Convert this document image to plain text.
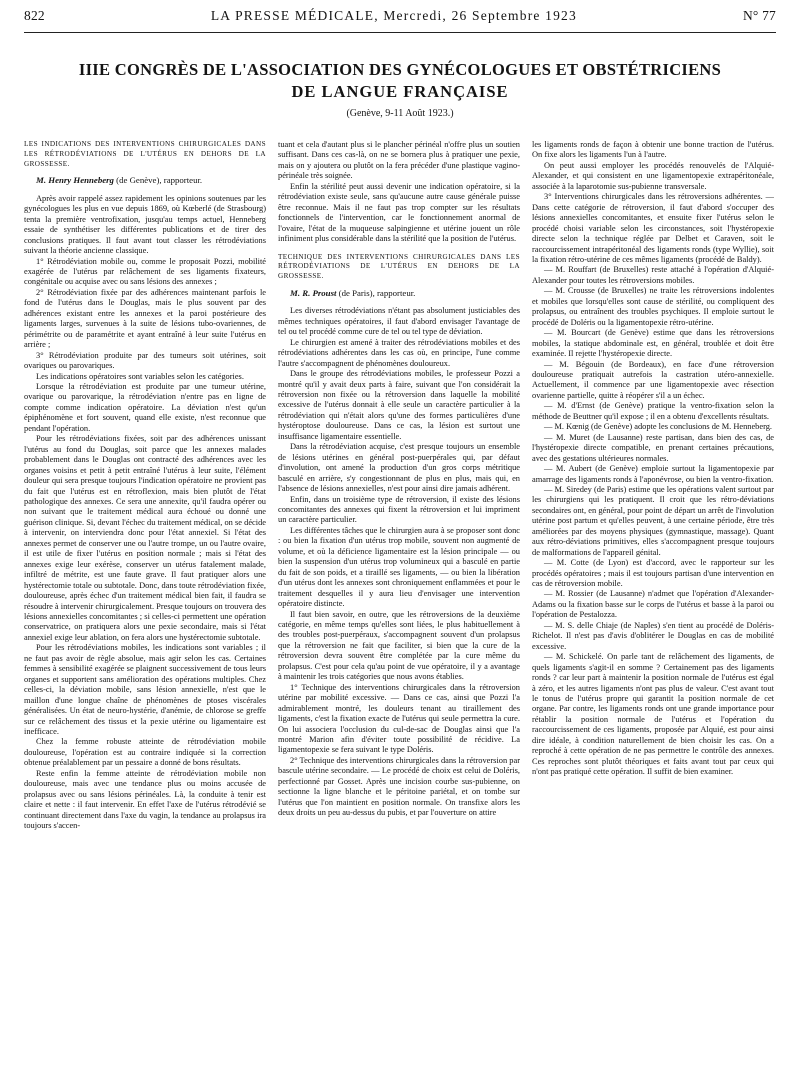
822	LA PRESSE MÉDICALE, Mercredi, 26 Septembre 1923	N° 77
IIIE CONGRÈS DE L'ASSOCIATION DES GYNÉCOLOGUES ET OBSTÉTRICIENS
DE LANGUE FRANÇAISE
(Genève, 9-11 Août 1923.)

LES INDICATIONS DES INTERVENTIONS CHIRURGICALES DANS LES RÉTRODÉVIATIONS DE L'UTÉRUS EN DEHORS DE LA GROSSESSE.

M. Henry Henneberg (de Genève), rapporteur.

Après avoir rappelé assez rapidement les opinions soutenues par les gynécologues les plus en vue depuis 1869, où Kœberlé (de Strasbourg) tenta la première ventrofixation, jusqu'au temps actuel, Henneberg essaie de synthétiser les différentes publications et de tirer des conclusions pratiques. Il faut avant tout classer les rétrodéviations suivant la théorie ancienne classique.

1° Rétrodéviation mobile ou, comme le proposait Pozzi, mobilité exagérée de l'utérus par relâchement de ses ligaments fixateurs, congénitale ou acquise avec ou sans lésions des annexes ;

2° Rétrodéviation fixée par des adhérences maintenant parfois le fond de l'utérus dans le Douglas, mais le plus souvent par des adhérences existant entre les annexes et la paroi postérieure des ligaments larges, survenues à la suite de lésions tubo-ovariennes, de périmétrite ou de paramétrite et ayant entraîné à leur suite l'utérus en arrière ;

3° Rétrodéviation produite par des tumeurs soit utérines, soit ovariques ou parovariques.

Les indications opératoires sont variables selon les catégories.

Lorsque la rétrodéviation est produite par une tumeur utérine, ovarique ou parovarique, la rétrodéviation n'entre pas en ligne de compte comme indication opératoire. La déviation n'est qu'un épiphénomène et fort souvent, quand elle existe, n'est reconnue que pendant l'opération.

Pour les rétrodéviations fixées, soit par des adhérences unissant l'utérus au fond du Douglas, soit parce que les annexes malades probablement dans le Douglas ont contracté des adhérences avec les organes voisins et petit à petit entraîné l'utérus à leur suite, l'élément douleur qui sera presque toujours l'indication opératoire ne provient pas du fait que l'utérus est en rétroflexion, mais bien plutôt de l'état pathologique des annexes. Ce sera une annexite, qu'il faudra opérer ou non suivant que le traitement médical aura échoué ou donné une guérison clinique. Si, devant l'échec du traitement médical, on se décide à intervenir, on interviendra donc pour l'état annexiel. Si l'état des annexes permet de conserver une ou l'autre trompe, un ou l'autre ovaire, il est utile de fixer l'utérus en position normale ; mais si l'état des annexes exige leur exérèse, conserver un utérus fatalement malade, infiltré de métrite, est une faute grave. Il faut pratiquer alors une hystérectomie totale ou subtotale. Donc, dans toute rétrodéviation fixée, douloureuse, après échec d'un traitement médical bien fait, il faudra se résoudre à intervenir chirurgicalement. Presque toujours on trouvera des lésions annexielles concomitantes ; si celles-ci permettent une opération conservatrice, on pratiquera alors une pexie secondaire, mais si l'état annexiel exige leur ablation, on fera alors une hystérectomie subtotale.

Pour les rétrodéviations mobiles, les indications sont variables ; il ne faut pas avoir de règle absolue, mais agir selon les cas. Certaines femmes à sensibilité exagérée se plaignent successivement de tous leurs organes et supportent sans amélioration des opérations multiples. Chez celles-ci, la déviation mobile, sans lésion annexielle, n'est que le maillon d'une longue chaîne de phénomènes de ptoses viscérales généralisées. Un état de neuro-hystérie, d'anémie, de chlorose se greffe sur ce relâchement des tissus et la pexie utérine ou ligamentaire est inefficace.

Chez la femme robuste atteinte de rétrodéviation mobile douloureuse, l'opération est au contraire indiquée si la correction obtenue préalablement par un pessaire a donné de bons résultats.

Reste enfin la femme atteinte de rétrodéviation mobile non douloureuse, mais avec une tendance plus ou moins accusée de prolapsus avec ou sans lésions périnéales. Là, la conduite à tenir est claire et nette : il faut intervenir. En effet l'axe de l'utérus rétrodévié se continuant directement dans l'axe du vagin, la tendance au prolapsus ira toujours s'accen-

tuant et cela d'autant plus si le plancher périnéal n'offre plus un soutien suffisant. Dans ces cas-là, on ne se bornera plus à pratiquer une pexie, mais on y ajoutera ou plutôt on la fera précéder d'une plastique vagino-périnéale très soignée.

Enfin la stérilité peut aussi devenir une indication opératoire, si la rétrodéviation existe seule, sans qu'aucune autre cause générale puisse être reconnue. Mais il ne faut pas trop compter sur les résultats fonctionnels de l'intervention, car le fonctionnement anormal de l'ovaire, l'état de la muqueuse salpingienne et utérine jouent un rôle infiniment plus considérable dans la stérilité que la position de l'utérus.

TECHNIQUE DES INTERVENTIONS CHIRURGICALES DANS LES RÉTRODÉVIATIONS DE L'UTÉRUS EN DEHORS DE LA GROSSESSE.

M. R. Proust (de Paris), rapporteur.

Les diverses rétrodéviations n'étant pas absolument justiciables des mêmes techniques opératoires, il faut d'abord envisager l'avantage de tel ou tel procédé comme cure de tel ou tel type de déviation.

Le chirurgien est amené à traiter des rétrodéviations mobiles et des rétrodéviations adhérentes dans les cas où, en principe, l'une comme l'autre s'accompagnent de phénomènes douloureux.

Dans le groupe des rétrodéviations mobiles, le professeur Pozzi a montré qu'il y avait deux parts à faire, suivant que l'on considérait la rétroversion non fixée ou la rétroversion dans laquelle la mobilité excessive de l'utérus donnait à elle seule un caractère particulier à la rétrodéviation qui n'était alors qu'une des formes particulières d'une hystéroptose douloureuse. Dans ce cas, la lésion est surtout une insuffisance ligamentaire essentielle.

Dans la rétrodéviation acquise, c'est presque toujours un ensemble de lésions utérines en général post-puerpérales qui, par défaut d'involution, ont amené la production d'un gros corps métritique basculé en arrière, s'y congestionnant de plus en plus, mais qui, en l'absence de lésions annexielles, n'est pour ainsi dire jamais adhérent.

Enfin, dans un troisième type de rétroversion, il existe des lésions concomitantes des annexes qui fixent la rétroversion et lui impriment un caractère particulier.

Les différentes tâches que le chirurgien aura à se proposer sont donc : ou bien la fixation d'un utérus trop mobile, souvent non augmenté de volume, et où la déficience ligamentaire est la lésion principale — ou bien la suspension d'un utérus trop volumineux qui a basculé en partie du fait de son poids, et a tiraillé ses ligaments, — ou bien la libération d'un utérus dont les annexes sont chroniquement enflammées et pour le traitement desquelles il y aura lieu d'envisager une intervention opératoire distincte.

Il faut bien savoir, en outre, que les rétroversions de la deuxième catégorie, en même temps qu'elles sont liées, le plus habituellement à des troubles post-puerpéraux, s'accompagnent souvent d'un prolapsus que la rétroversion ne fait que faciliter, si bien que la cure de la rétroversion devra souvent être complétée par la cure même du prolapsus. C'est pour cela qu'au point de vue opératoire, il y a avantage à maintenir les trois catégories que nous avons établies.

1° Technique des interventions chirurgicales dans la rétroversion utérine par mobilité excessive. — Dans ce cas, ainsi que Pozzi l'a admirablement montré, les douleurs tenant au tiraillement des ligaments, c'est la fixation exacte de l'utérus qui seule permettra la cure. On lui associera l'occlusion du cul-de-sac de Douglas ainsi que l'a montré Marion afin d'éviter toute possibilité de récidive. La ligamentopexie se fera suivant le type Doléris.

2° Technique des interventions chirurgicales dans la rétroversion par bascule utérine secondaire. — Le procédé de choix est celui de Doléris, perfectionné par Gosset. Après une incision courbe sus-pubienne, on sectionne la ligne blanche et le péritoine pariétal, et on tombe sur l'utérus que l'on maintient en position normale. On transfixe alors les deux droits un peu au-dessus du pubis, et par l'ouverture on attire

les ligaments ronds de façon à obtenir une bonne traction de l'utérus. On fixe alors les ligaments l'un à l'autre.

On peut aussi employer les procédés renouvelés de l'Alquié-Alexander, et qui consistent en une ligamentopexie extrapéritonéale, associée à la laparotomie sus-pubienne transversale.

3° Interventions chirurgicales dans les rétroversions adhérentes. — Dans cette catégorie de rétroversion, il faut d'abord s'occuper des lésions annexielles concomitantes, et ensuite fixer l'utérus selon le procédé choisi variable selon les circonstances, soit l'hystéropexie directe selon la technique réglée par Delbet et Caraven, soit le raccourcissement intrapéritonéal des ligaments ronds (type Wyllie), soit la fixation rétro-utérine de ces mêmes ligaments (procédé de Baldy).

— M. Rouffart (de Bruxelles) reste attaché à l'opération d'Alquié-Alexander pour toutes les rétroversions mobiles.

— M. Crousse (de Bruxelles) ne traite les rétroversions indolentes et mobiles que lorsqu'elles sont cause de stérilité, ou compliquent des prolapsus, ou entraînent des troubles psychiques. Il emploie surtout le procédé de Doléris ou la ligamentopexie rétro-utérine.

— M. Bourcart (de Genève) estime que dans les rétroversions mobiles, la statique abdominale est, en général, troublée et doit être examinée. Il rejette l'hystéropexie directe.

— M. Bégouin (de Bordeaux), en face d'une rétroversion douloureuse pratiquait autrefois la castration utéro-annexielle. Actuellement, il commence par une ligamentopexie avec résection ovarienne partielle, quitte à réopérer s'il a un échec.

— M. d'Ernst (de Genève) pratique la ventro-fixation selon la méthode de Beuttner qu'il expose ; il en a obtenu d'excellents résultats.

— M. Kœnig (de Genève) adopte les conclusions de M. Henneberg.

— M. Muret (de Lausanne) reste partisan, dans bien des cas, de l'hystéropexie directe compatible, en prenant certaines précautions, avec des gestations ultérieures normales.

— M. Aubert (de Genève) emploie surtout la ligamentopexie par amarrage des ligaments ronds à l'aponévrose, ou bien la ventro-fixation.

— M. Siredey (de Paris) estime que les opérations valent surtout par les chirurgiens qui les pratiquent. Il croit que les rétro-déviations secondaires ont, en général, pour point de départ un arrêt de l'involution utérine post partum et qu'elles peuvent, à une certaine période, être très améliorées par des moyens physiques (gymnastique, massage). Quant aux rétro-déviations primitives, elles s'accompagnent presque toujours de malformations de l'appareil génital.

— M. Cotte (de Lyon) est d'accord, avec le rapporteur sur les procédés opératoires ; mais il est toujours partisan d'une intervention en cas de rétroversion mobile.

— M. Rossier (de Lausanne) n'admet que l'opération d'Alexander-Adams ou la fixation basse sur le corps de l'utérus et basse à la paroi ou l'opération de Pestalozza.

— M. S. delle Chiaje (de Naples) s'en tient au procédé de Doléris-Richelot. Il n'est pas d'avis d'oblitérer le Douglas en cas de mobilité excessive.

— M. Schickelé. On parle tant de relâchement des ligaments, de quels ligaments s'agit-il en somme ? Certainement pas des ligaments ronds ? car leur part à maintenir la position normale de l'utérus est égal à zéro, et les autres ligaments n'ont pas plus de valeur. C'est avant tout le tonus de l'utérus propre qui garantit la position normale de cet organe. Par contre, les ligaments ronds ont une grande importance pour rétablir la position normale de l'utérus et l'opération du raccourcissement de ces ligaments, proposée par Alquié, est pour ainsi dire idéale, à condition naturellement de bien choisir les cas. On a reproché à cette opération de ne pas permettre le contrôle des annexes. Ces reproches sont plutôt théoriques et faits avant tout par ceux qui n'ont pas pratiqué cette opération. Il suffit de bien examiner.
